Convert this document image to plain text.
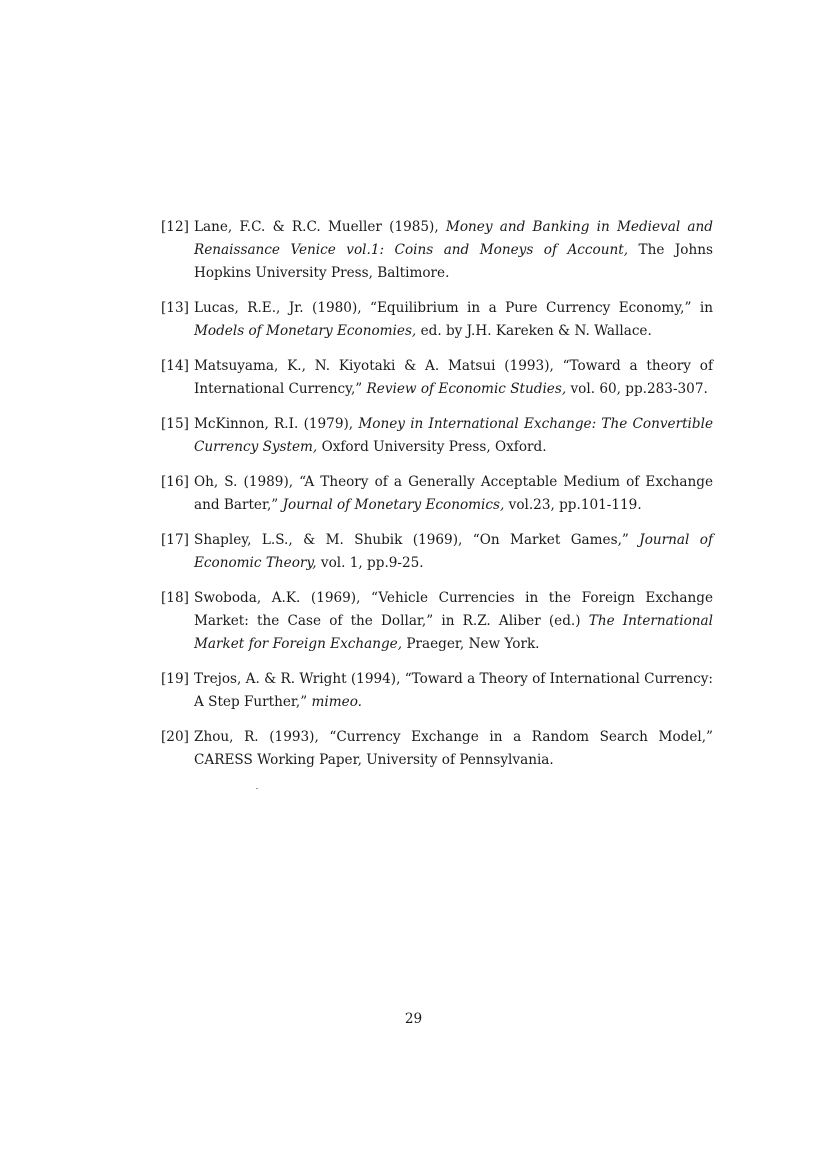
[12] Lane, F.C. & R.C. Mueller (1985), Money and Banking in Medieval and Renaissance Venice vol.1: Coins and Moneys of Account, The Johns Hopkins University Press, Baltimore.
[13] Lucas, R.E., Jr. (1980), “Equilibrium in a Pure Currency Economy,” in Models of Monetary Economies, ed. by J.H. Kareken & N. Wallace.
[14] Matsuyama, K., N. Kiyotaki & A. Matsui (1993), “Toward a theory of International Currency,” Review of Economic Studies, vol. 60, pp.283-307.
[15] McKinnon, R.I. (1979), Money in International Exchange: The Convertible Currency System, Oxford University Press, Oxford.
[16] Oh, S. (1989), “A Theory of a Generally Acceptable Medium of Exchange and Barter,” Journal of Monetary Economics, vol.23, pp.101-119.
[17] Shapley, L.S., & M. Shubik (1969), “On Market Games,” Journal of Economic Theory, vol. 1, pp.9-25.
[18] Swoboda, A.K. (1969), “Vehicle Currencies in the Foreign Exchange Market: the Case of the Dollar,” in R.Z. Aliber (ed.) The International Market for Foreign Exchange, Praeger, New York.
[19] Trejos, A. & R. Wright (1994), “Toward a Theory of International Currency: A Step Further,” mimeo.
[20] Zhou, R. (1993), “Currency Exchange in a Random Search Model,” CARESS Working Paper, University of Pennsylvania.
29
